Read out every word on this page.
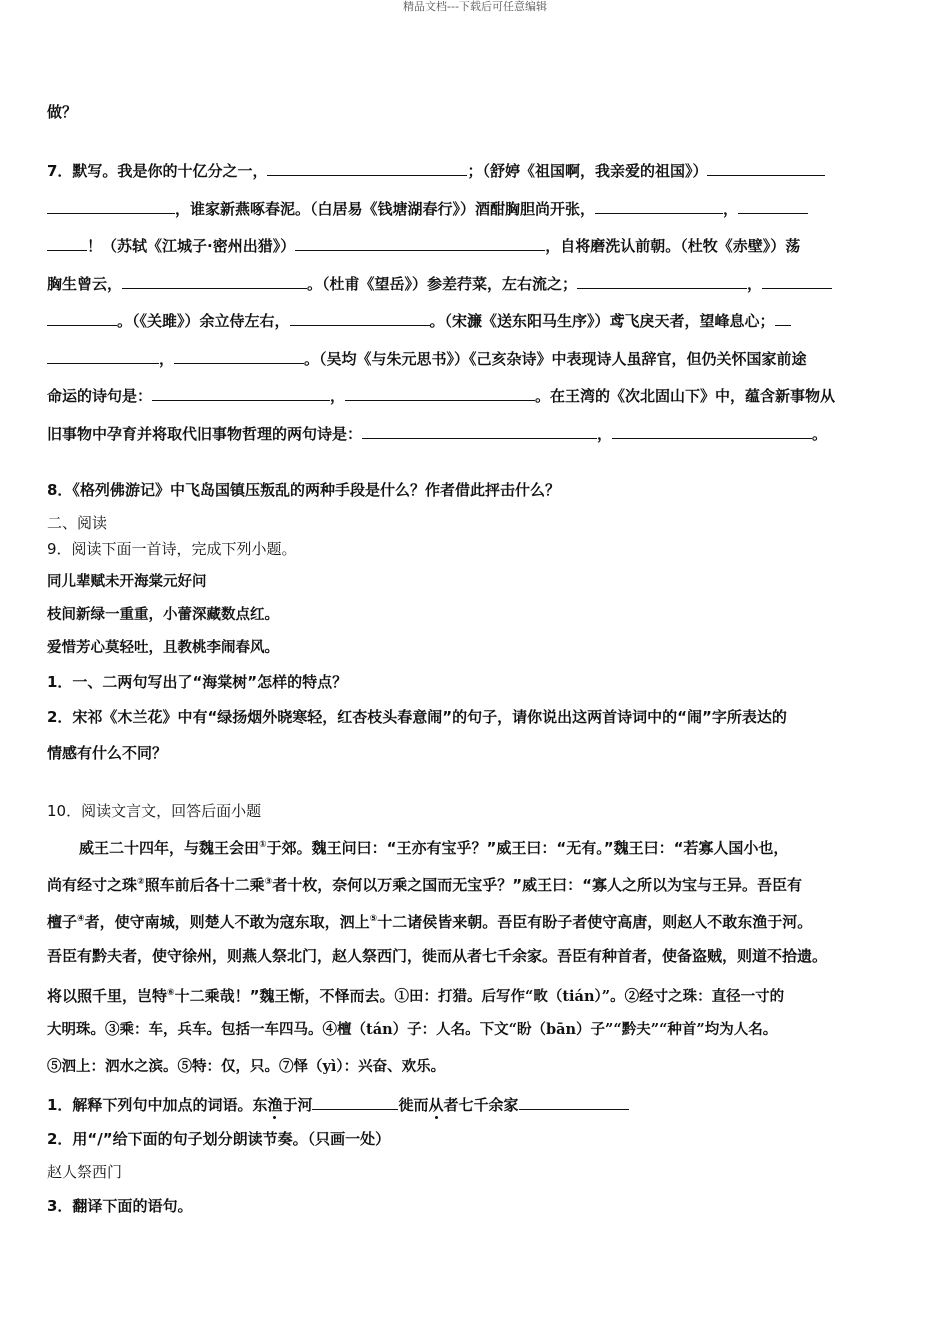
精品文档---下载后可任意编辑
做？
7．默写。我是你的十亿分之一，	；（舒婷《祖国啊，我亲爱的祖国》）
，谁家新燕啄春泥。（白居易《钱塘湖春行》）酒酣胸胆尚开张，	，
！（苏轼《江城子·密州出猎》）	，自将磨洗认前朝。（杜牧《赤壁》）荡
胸生曾云，	。（杜甫《望岳》）参差荇菜，左右流之；	，
。（《关雎》）余立侍左右，	。（宋濂《送东阳马生序》）鸢飞戾天者，望峰息心；
，	。（吴均《与朱元思书》）《己亥杂诗》中表现诗人虽辞官，但仍关怀国家前途
命运的诗句是：	，	。在王湾的《次北固山下》中，蕴含新事物从
旧事物中孕育并将取代旧事物哲理的两句诗是：	，	。
8．《格列佛游记》中飞岛国镇压叛乱的两种手段是什么？作者借此抨击什么？
二、阅读
9．阅读下面一首诗，完成下列小题。
同儿辈赋未开海棠元好问
枝间新绿一重重，小蕾深藏数点红。
爱惜芳心莫轻吐，且教桃李闹春风。
1．一、二两句写出了“海棠树”怎样的特点？
2．宋祁《木兰花》中有“绿扬烟外晓寒轻，红杏枝头春意闹”的句子，请你说出这两首诗词中的“闹”字所表达的
情感有什么不同？
10．阅读文言文，回答后面小题
威王二十四年，与魏王会田①于郊。魏王问曰：“王亦有宝乎？”威王曰：“无有。”魏王曰：“若寡人国小也，
尚有经寸之珠②照车前后各十二乘③者十枚，奈何以万乘之国而无宝乎？”威王曰：“寡人之所以为宝与王异。吾臣有
檀子④者，使守南城，则楚人不敢为寇东取，泗上⑤十二诸侯皆来朝。吾臣有盼子者使守高唐，则赵人不敢东渔于河。
吾臣有黔夫者，使守徐州，则燕人祭北门，赵人祭西门，徙而从者七千余家。吾臣有种首者，使备盗贼，则道不拾遗。
将以照千里，岂特⑥十二乘哉！”魏王惭，不怿而去。①田：打猎。后写作“畋（tián）”。②经寸之珠：直径一寸的
大明珠。③乘：车，兵车。包括一车四马。④檀（tán）子：人名。下文“盼（bān）子”“黔夫”“种首”均为人名。
⑤泗上：泗水之滨。⑤特：仅，只。⑦怿（yì）：兴奋、欢乐。
1．解释下列句中加点的词语。东渔于河	徙而从者七千余家
2．用“/”给下面的句子划分朗读节奏。（只画一处）
赵人祭西门
3．翻译下面的语句。
